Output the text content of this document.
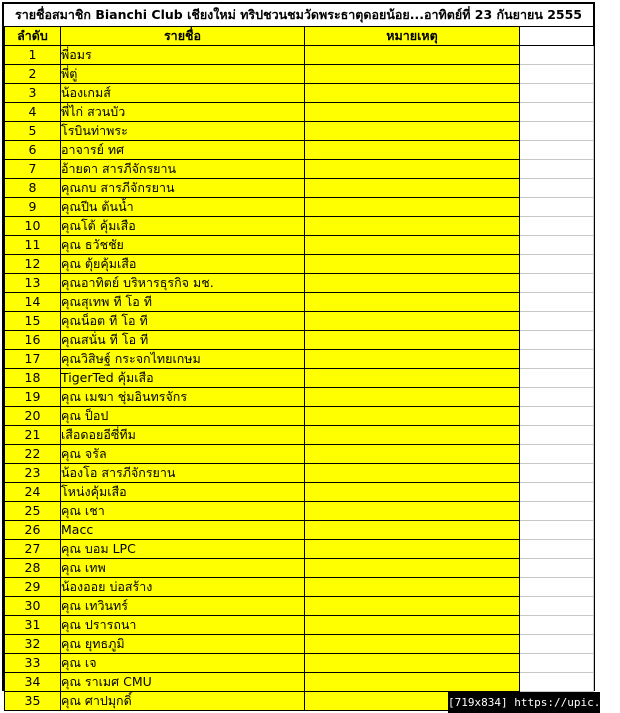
รายชื่อสมาชิก Bianchi Club เชียงใหม่ ทริปชวนชมวัดพระธาตุดอยน้อย...อาทิตย์ที่ 23 กันยายน 2555
ลำดับ	รายชื่อ	หมายเหตุ	
1	พี่อมร		
2	พี่ตู่		
3	น้องเกมส์		
4	พี่ไก่ สวนบัว		
5	โรบินท่าพระ		
6	อาจารย์ ทศ		
7	อ้ายดา สารภีจักรยาน		
8	คุณกบ สารภีจักรยาน		
9	คุณปีน ต้นน้ำ		
10	คุณโต้ คุ้มเสือ		
11	คุณ ธวัชชัย		
12	คุณ ตุ้ยคุ้มเสือ		
13	คุณอาทิตย์ บริหารธุรกิจ มช.		
14	คุณสุเทพ ที โอ ที		
15	คุณน็อต ที โอ ที		
16	คุณสนั่น ที โอ ที		
17	คุณวิสิษฐ์ กระจกไทยเกษม		
18	TigerTed คุ้มเสือ		
19	คุณ เมฆา ชุ่มอินทรจักร		
20	คุณ ป็อป		
21	เสือดอยอีซี่ทีม		
22	คุณ จรัล		
23	น้องโอ สารภีจักรยาน		
24	โหน่งคุ้มเสือ		
25	คุณ เชา		
26	Macc		
27	คุณ บอม LPC		
28	คุณ เทพ		
29	น้องออย บ่อสร้าง		
30	คุณ เทวินทร์		
31	คุณ ปรารถนา		
32	คุณ ยุทธภูมิ		
33	คุณ เจ		
34	คุณ ราเมศ CMU		
35	คุณ ศาปมุกดิ์			[719x834] https://upic.me/
